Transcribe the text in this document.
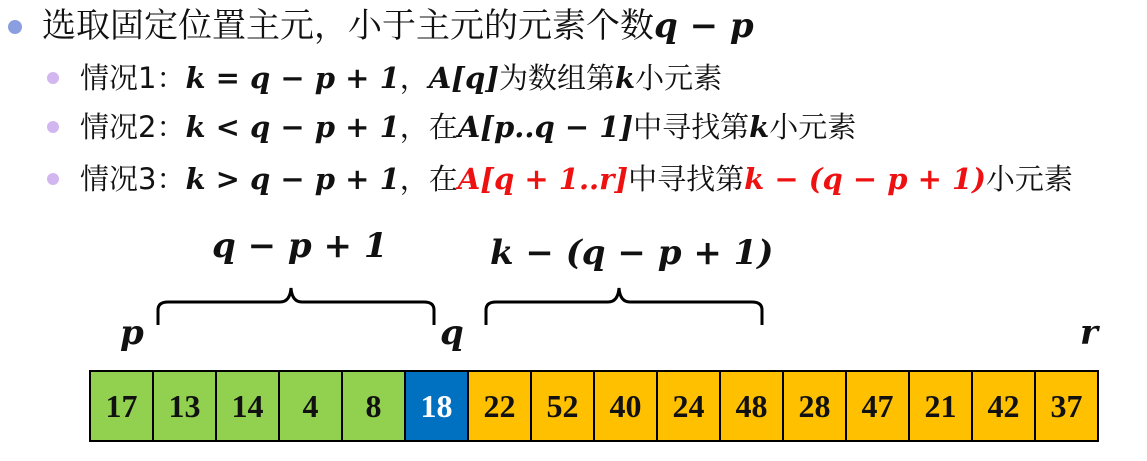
选取固定位置主元，小于主元的元素个数q − p
情况1：k = q − p + 1，A[q]为数组第k小元素
情况2：k < q − p + 1，在A[p..q − 1]中寻找第k小元素
情况3：k > q − p + 1，在A[q + 1..r]中寻找第k − (q − p + 1)小元素
q − p + 1	k − (q − p + 1)
p	q	r
17 13 14	4	8	18 22 52 40 24 48 28 47 21 42 37
